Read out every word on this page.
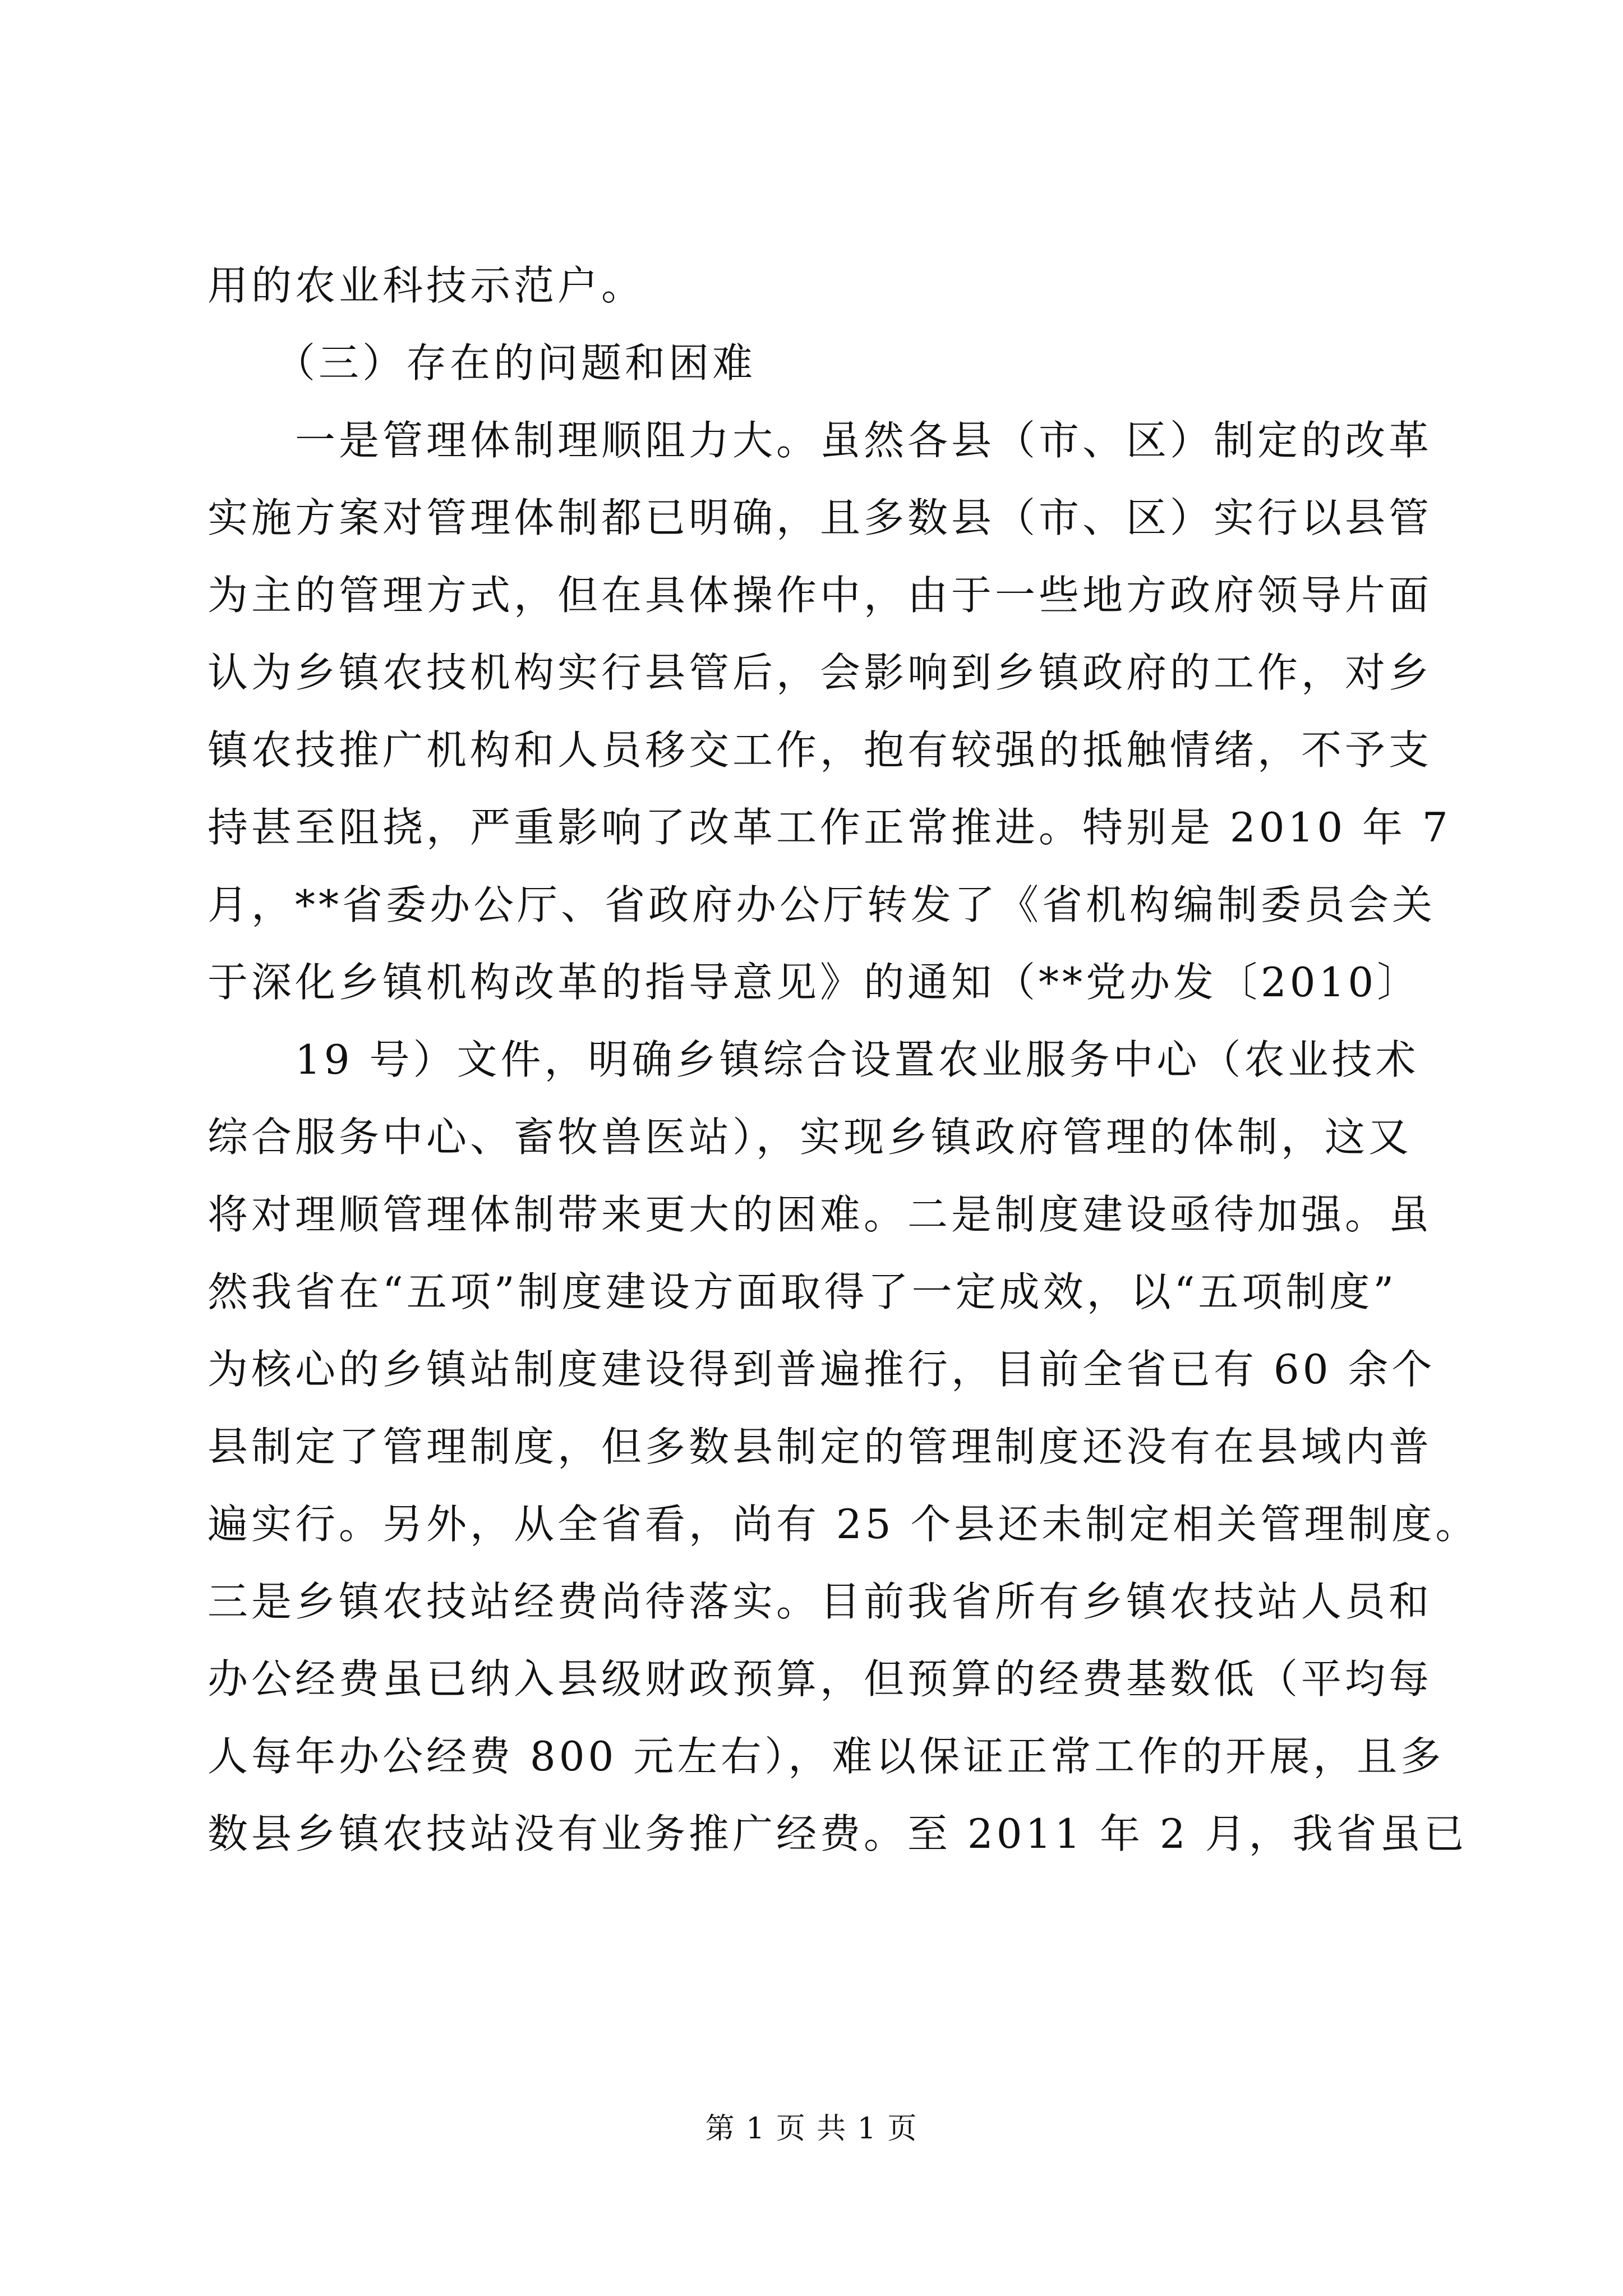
用的农业科技示范户。
　　（三）存在的问题和困难
　　一是管理体制理顺阻力大。虽然各县（市、区）制定的改革
实施方案对管理体制都已明确，且多数县（市、区）实行以县管
为主的管理方式，但在具体操作中，由于一些地方政府领导片面
认为乡镇农技机构实行县管后，会影响到乡镇政府的工作，对乡
镇农技推广机构和人员移交工作，抱有较强的抵触情绪，不予支
持甚至阻挠，严重影响了改革工作正常推进。特别是 2010 年 7
月，**省委办公厅、省政府办公厅转发了《省机构编制委员会关
于深化乡镇机构改革的指导意见》的通知（**党办发〔2010〕
　　19 号）文件，明确乡镇综合设置农业服务中心（农业技术
综合服务中心、畜牧兽医站），实现乡镇政府管理的体制，这又
将对理顺管理体制带来更大的困难。二是制度建设亟待加强。虽
然我省在“五项”制度建设方面取得了一定成效，以“五项制度”
为核心的乡镇站制度建设得到普遍推行，目前全省已有 60 余个
县制定了管理制度，但多数县制定的管理制度还没有在县域内普
遍实行。另外，从全省看，尚有 25 个县还未制定相关管理制度。
三是乡镇农技站经费尚待落实。目前我省所有乡镇农技站人员和
办公经费虽已纳入县级财政预算，但预算的经费基数低（平均每
人每年办公经费 800 元左右），难以保证正常工作的开展，且多
数县乡镇农技站没有业务推广经费。至 2011 年 2 月，我省虽已
第 1 页 共 1 页
